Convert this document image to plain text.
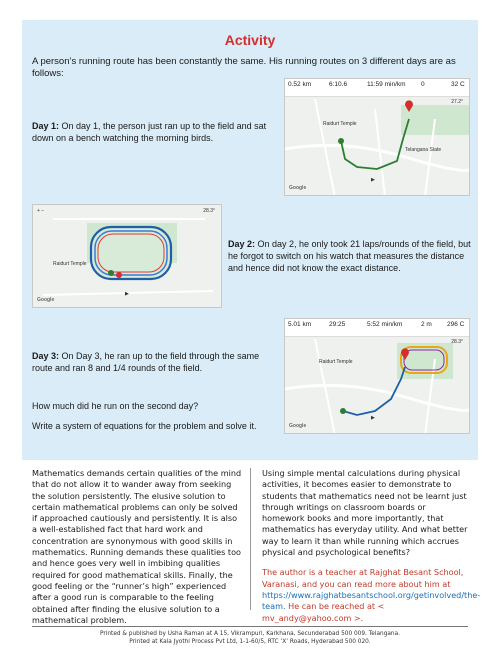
Activity
A person’s running route has been constantly the same. His running routes on 3 different days are as follows:
Day 1: On day 1, the person just ran up to the field and sat down on a bench watching the morning birds.
0.52 km	6:10.6	11:59 min/km 0	32 C
27.2°
Raidurt Temple
Telangana State
Google
▶
+ −	28.3°
Raidurt Temple
Google
▶
Day 2: On day 2, he only took 21 laps/rounds of the field, but he forgot to switch on his watch that measures the distance and hence did not know the exact distance.
5.01 km	29:25	5:52 min/km	2 m 296 C
28.3°
Raidurt Temple
Google
▶
Day 3: On Day 3, he ran up to the field through the same route and ran 8 and 1/4 rounds of the field.
How much did he run on the second day?
Write a system of equations for the problem and solve it.
Mathematics demands certain qualities of the mind that do not allow it to wander away from seeking the solution persistently. The elusive solution to certain mathematical problems can only be solved if approached cautiously and persistently. It is also a well-established fact that hard work and concentration are synonymous with good skills in mathematics. Running demands these qualities too and hence goes very well in imbibing qualities required for good mathematical skills. Finally, the good feeling or the “runner’s high” experienced after a good run is comparable to the feeling obtained after finding the elusive solution to a mathematical problem.
Using simple mental calculations during physical activities, it becomes easier to demonstrate to students that mathematics need not be learnt just through writings on classroom boards or homework books and more importantly, that mathematics has everyday utility. And what better way to learn it than while running which accrues physical and psychological benefits?
The author is a teacher at Rajghat Besant School, Varanasi, and you can read more about him at https://www.rajghatbesantschool.org/getinvolved/the-team. He can be reached at < mv_andy@yahoo.com >.
Printed & published by Usha Raman at A 15, Vikrampuri, Karkhana, Secunderabad 500 009. Telangana.
Printed at Kala Jyothi Process Pvt Ltd, 1-1-60/5, RTC ‘X’ Roads, Hyderabad 500 020.
